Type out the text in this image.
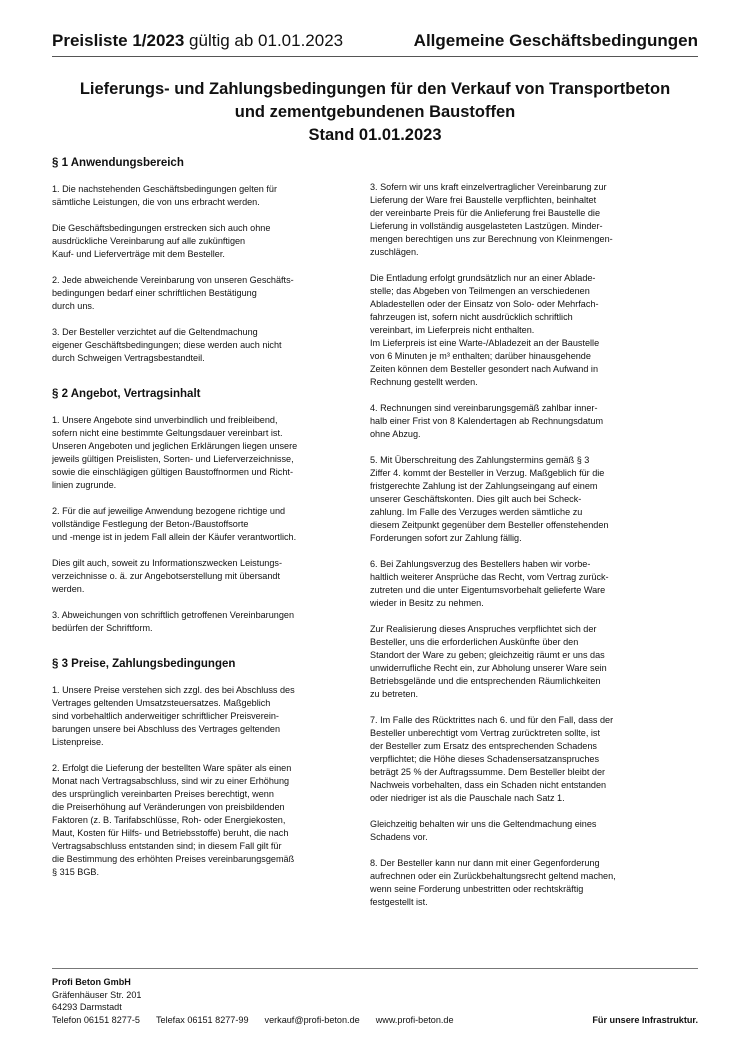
Preisliste 1/2023 gültig ab 01.01.2023	Allgemeine Geschäftsbedingungen
Lieferungs- und Zahlungsbedingungen für den Verkauf von Transportbeton
und zementgebundenen Baustoffen
Stand 01.01.2023
§ 1 Anwendungsbereich

1. Die nachstehenden Geschäftsbedingungen gelten für
sämtliche Leistungen, die von uns erbracht werden.

Die Geschäftsbedingungen erstrecken sich auch ohne
ausdrückliche Vereinbarung auf alle zukünftigen
Kauf- und Lieferverträge mit dem Besteller.

2. Jede abweichende Vereinbarung von unseren Geschäfts-
bedingungen bedarf einer schriftlichen Bestätigung
durch uns.

3. Der Besteller verzichtet auf die Geltendmachung
eigener Geschäftsbedingungen; diese werden auch nicht
durch Schweigen Vertragsbestandteil.

§ 2 Angebot, Vertragsinhalt

1. Unsere Angebote sind unverbindlich und freibleibend,
sofern nicht eine bestimmte Geltungsdauer vereinbart ist.
Unseren Angeboten und jeglichen Erklärungen liegen unsere
jeweils gültigen Preislisten, Sorten- und Lieferverzeichnisse,
sowie die einschlägigen gültigen Baustoffnormen und Richt-
linien zugrunde.

2. Für die auf jeweilige Anwendung bezogene richtige und
vollständige Festlegung der Beton-/Baustoffsorte
und -menge ist in jedem Fall allein der Käufer verantwortlich.

Dies gilt auch, soweit zu Informationszwecken Leistungs-
verzeichnisse o. ä. zur Angebotserstellung mit übersandt
werden.

3. Abweichungen von schriftlich getroffenen Vereinbarungen
bedürfen der Schriftform.

§ 3 Preise, Zahlungsbedingungen

1. Unsere Preise verstehen sich zzgl. des bei Abschluss des
Vertrages geltenden Umsatzsteuersatzes. Maßgeblich
sind vorbehaltlich anderweitiger schriftlicher Preisverein-
barungen unsere bei Abschluss des Vertrages geltenden
Listenpreise.

2. Erfolgt die Lieferung der bestellten Ware später als einen
Monat nach Vertragsabschluss, sind wir zu einer Erhöhung
des ursprünglich vereinbarten Preises berechtigt, wenn
die Preiserhöhung auf Veränderungen von preisbildenden
Faktoren (z. B. Tarifabschlüsse, Roh- oder Energiekosten,
Maut, Kosten für Hilfs- und Betriebsstoffe) beruht, die nach
Vertragsabschluss entstanden sind; in diesem Fall gilt für
die Bestimmung des erhöhten Preises vereinbarungsgemäß
§ 315 BGB.

3. Sofern wir uns kraft einzelvertraglicher Vereinbarung zur
Lieferung der Ware frei Baustelle verpflichten, beinhaltet
der vereinbarte Preis für die Anlieferung frei Baustelle die
Lieferung in vollständig ausgelasteten Lastzügen. Minder-
mengen berechtigen uns zur Berechnung von Kleinmengen-
zuschlägen.

Die Entladung erfolgt grundsätzlich nur an einer Ablade-
stelle; das Abgeben von Teilmengen an verschiedenen
Abladestellen oder der Einsatz von Solo- oder Mehrfach-
fahrzeugen ist, sofern nicht ausdrücklich schriftlich
vereinbart, im Lieferpreis nicht enthalten.
Im Lieferpreis ist eine Warte-/Abladezeit an der Baustelle
von 6 Minuten je m³ enthalten; darüber hinausgehende
Zeiten können dem Besteller gesondert nach Aufwand in
Rechnung gestellt werden.

4. Rechnungen sind vereinbarungsgemäß zahlbar inner-
halb einer Frist von 8 Kalendertagen ab Rechnungsdatum
ohne Abzug.

5. Mit Überschreitung des Zahlungstermins gemäß § 3
Ziffer 4. kommt der Besteller in Verzug. Maßgeblich für die
fristgerechte Zahlung ist der Zahlungseingang auf einem
unserer Geschäftskonten. Dies gilt auch bei Scheck-
zahlung. Im Falle des Verzuges werden sämtliche zu
diesem Zeitpunkt gegenüber dem Besteller offenstehenden
Forderungen sofort zur Zahlung fällig.

6. Bei Zahlungsverzug des Bestellers haben wir vorbe-
haltlich weiterer Ansprüche das Recht, vom Vertrag zurück-
zutreten und die unter Eigentumsvorbehalt gelieferte Ware
wieder in Besitz zu nehmen.

Zur Realisierung dieses Anspruches verpflichtet sich der
Besteller, uns die erforderlichen Auskünfte über den
Standort der Ware zu geben; gleichzeitig räumt er uns das
unwiderrufliche Recht ein, zur Abholung unserer Ware sein
Betriebsgelände und die entsprechenden Räumlichkeiten
zu betreten.

7. Im Falle des Rücktrittes nach 6. und für den Fall, dass der
Besteller unberechtigt vom Vertrag zurücktreten sollte, ist
der Besteller zum Ersatz des entsprechenden Schadens
verpflichtet; die Höhe dieses Schadensersatzanspruches
beträgt 25 % der Auftragssumme. Dem Besteller bleibt der
Nachweis vorbehalten, dass ein Schaden nicht entstanden
oder niedriger ist als die Pauschale nach Satz 1.

Gleichzeitig behalten wir uns die Geltendmachung eines
Schadens vor.

8. Der Besteller kann nur dann mit einer Gegenforderung
aufrechnen oder ein Zurückbehaltungsrecht geltend machen,
wenn seine Forderung unbestritten oder rechtskräftig
festgestellt ist.

Profi Beton GmbH
Gräfenhäuser Str. 201
64293 Darmstadt
Telefon 06151 8277-5 Telefax 06151 8277-99 verkauf@profi-beton.de www.profi-beton.de	Für unsere Infrastruktur.
